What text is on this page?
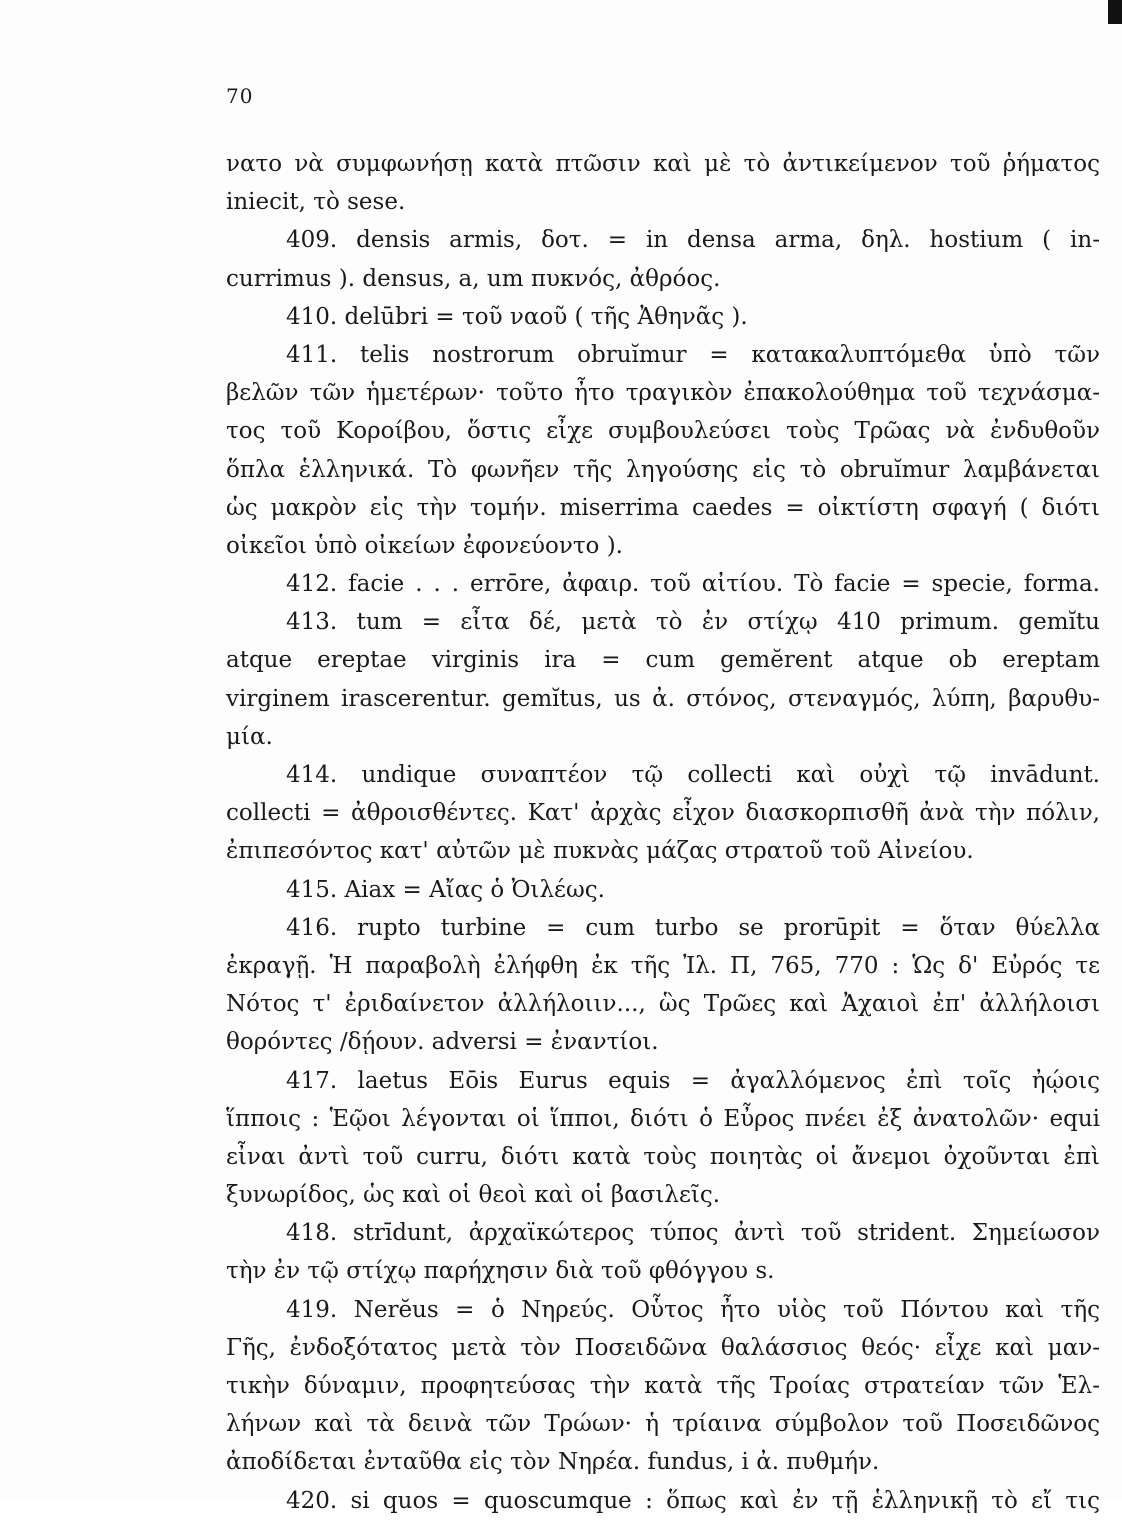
70
νατο νὰ συμφωνήσῃ κατὰ πτῶσιν καὶ μὲ τὸ ἀντικείμενον τοῦ ῥήματος
iniecit, τὸ sese.
409. densis armis, δοτ. = in densa arma, δηλ. hostium ( in-
currimus ). densus, a, um πυκνός, ἀθρόος.
410. delūbri = τοῦ ναοῦ ( τῆς Ἀθηνᾶς ).
411. telis nostrorum obruĭmur = κατακαλυπτόμεθα ὑπὸ τῶν
βελῶν τῶν ἡμετέρων· τοῦτο ἦτο τραγικὸν ἐπακολούθημα τοῦ τεχνάσμα-
τος τοῦ Κοροίβου, ὅστις εἶχε συμβουλεύσει τοὺς Τρῶας νὰ ἐνδυθοῦν
ὅπλα ἑλληνικά. Τὸ φωνῆεν τῆς ληγούσης εἰς τὸ obruĭmur λαμβάνεται
ὡς μακρὸν εἰς τὴν τομήν. miserrima caedes = οἰκτίστη σφαγή ( διότι
οἰκεῖοι ὑπὸ οἰκείων ἐφονεύοντο ).
412. facie . . . errōre, ἀφαιρ. τοῦ αἰτίου. Τὸ facie = specie, forma.
413. tum = εἶτα δέ, μετὰ τὸ ἐν στίχῳ 410 primum. gemĭtu
atque ereptae virginis ira = cum gemĕrent atque ob ereptam
virginem irascerentur. gemĭtus, us ἀ. στόνος, στεναγμός, λύπη, βαρυθυ-
μία.
414. undique συναπτέον τῷ collecti καὶ οὐχὶ τῷ invādunt.
collecti = ἀθροισθέντες. Κατ' ἀρχὰς εἶχον διασκορπισθῆ ἀνὰ τὴν πόλιν,
ἐπιπεσόντος κατ' αὐτῶν μὲ πυκνὰς μάζας στρατοῦ τοῦ Αἰνείου.
415. Aiax = Αἴας ὁ Ὀιλέως.
416. rupto turbine = cum turbo se prorūpit = ὅταν θύελλα
ἐκραγῇ. Ἡ παραβολὴ ἐλήφθη ἐκ τῆς Ἰλ. Π, 765, 770 : Ὡς δ' Εὐρός τε
Νότος τ' ἐριδαίνετον ἀλλήλοιιν..., ὣς Τρῶες καὶ Ἀχαιοὶ ἐπ' ἀλλήλοισι
θορόντες /δῄουν. adversi = ἐναντίοι.
417. laetus Eōis Eurus equis = ἀγαλλόμενος ἐπὶ τοῖς ἠῴοις
ἵπποις : Ἑῷοι λέγονται οἱ ἵπποι, διότι ὁ Εὖρος πνέει ἐξ ἀνατολῶν· equi
εἶναι ἀντὶ τοῦ curru, διότι κατὰ τοὺς ποιητὰς οἱ ἄνεμοι ὀχοῦνται ἐπὶ
ξυνωρίδος, ὡς καὶ οἱ θεοὶ καὶ οἱ βασιλεῖς.
418. strīdunt, ἀρχαϊκώτερος τύπος ἀντὶ τοῦ strident. Σημείωσον
τὴν ἐν τῷ στίχῳ παρήχησιν διὰ τοῦ φθόγγου s.
419. Nerĕus = ὁ Νηρεύς. Οὗτος ἦτο υἱὸς τοῦ Πόντου καὶ τῆς
Γῆς, ἐνδοξότατος μετὰ τὸν Ποσειδῶνα θαλάσσιος θεός· εἶχε καὶ μαν-
τικὴν δύναμιν, προφητεύσας τὴν κατὰ τῆς Τροίας στρατείαν τῶν Ἑλ-
λήνων καὶ τὰ δεινὰ τῶν Τρώων· ἡ τρίαινα σύμβολον τοῦ Ποσειδῶνος
ἀποδίδεται ἐνταῦθα εἰς τὸν Νηρέα. fundus, i ἀ. πυθμήν.
420. si quos = quoscumque : ὅπως καὶ ἐν τῇ ἑλληνικῇ τὸ εἴ τις
